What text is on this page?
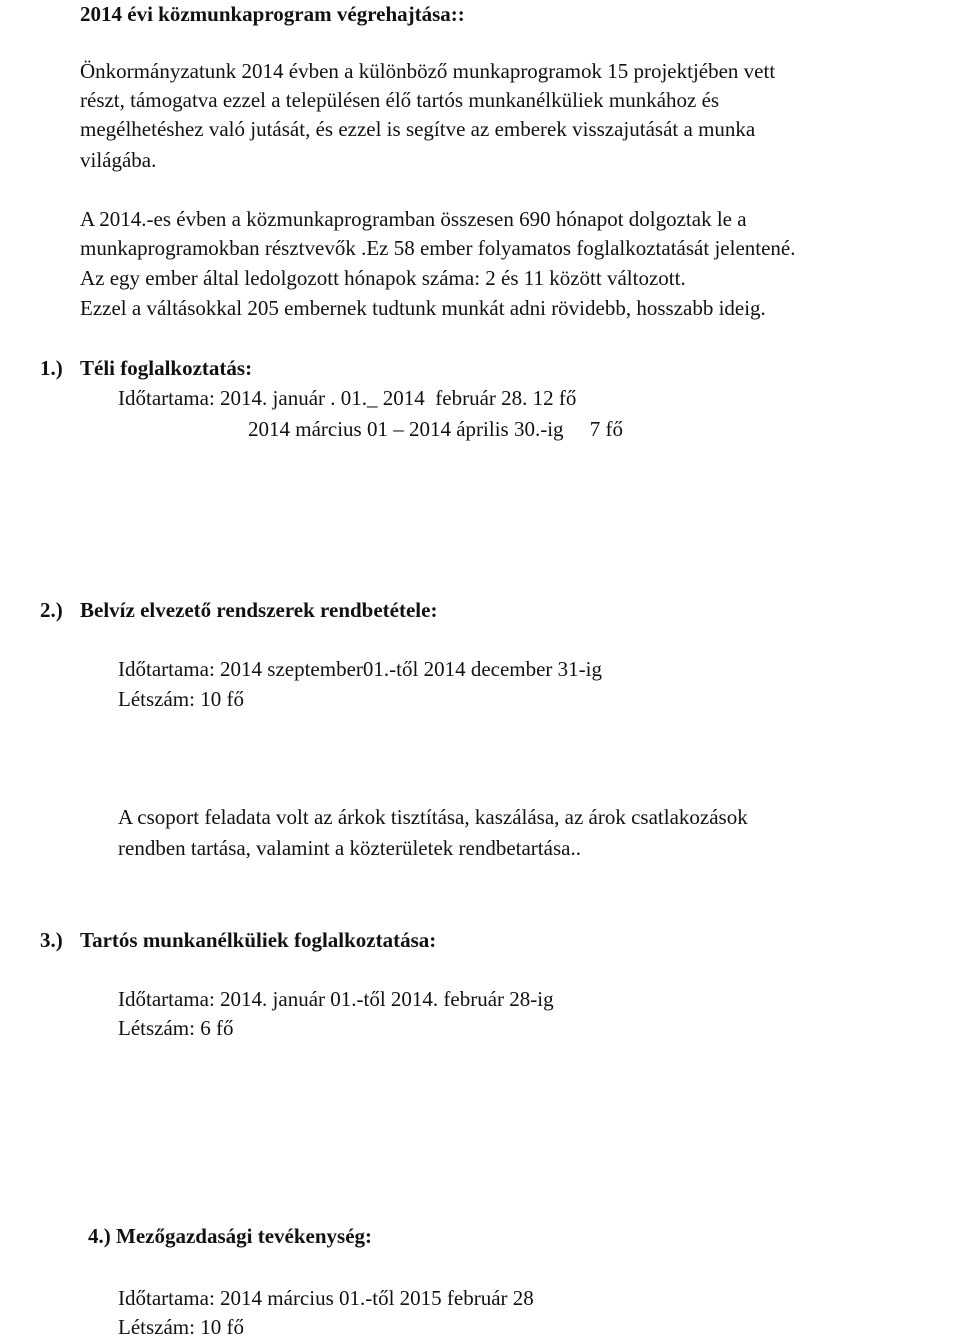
2014 évi közmunkaprogram végrehajtása::
Önkormányzatunk 2014 évben a különböző munkaprogramok 15 projektjében vett
részt, támogatva ezzel a településen élő tartós munkanélküliek munkához és
megélhetéshez való jutását, és ezzel is segítve az emberek visszajutását a munka
világába.
A 2014.-es évben a közmunkaprogramban összesen 690 hónapot dolgoztak le a
munkaprogramokban résztvevők .Ez 58 ember folyamatos foglalkoztatását jelentené.
Az egy ember által ledolgozott hónapok száma: 2 és 11 között változott.
Ezzel a váltásokkal 205 embernek tudtunk munkát adni rövidebb, hosszabb ideig.
1.) Téli foglalkoztatás:
Időtartama: 2014. január . 01._ 2014  február 28. 12 fő
2014 március 01 – 2014 április 30.-ig     7 fő
2.) Belvíz elvezető rendszerek rendbetétele:
Időtartama: 2014 szeptember01.-től 2014 december 31-ig
Létszám: 10 fő
A csoport feladata volt az árkok tisztítása, kaszálása, az árok csatlakozások
rendben tartása, valamint a közterületek rendbetartása..
3.) Tartós munkanélküliek foglalkoztatása:
Időtartama: 2014. január 01.-től 2014. február 28-ig
Létszám: 6 fő
4.) Mezőgazdasági tevékenység:
Időtartama: 2014 március 01.-től 2015 február 28
Létszám: 10 fő
